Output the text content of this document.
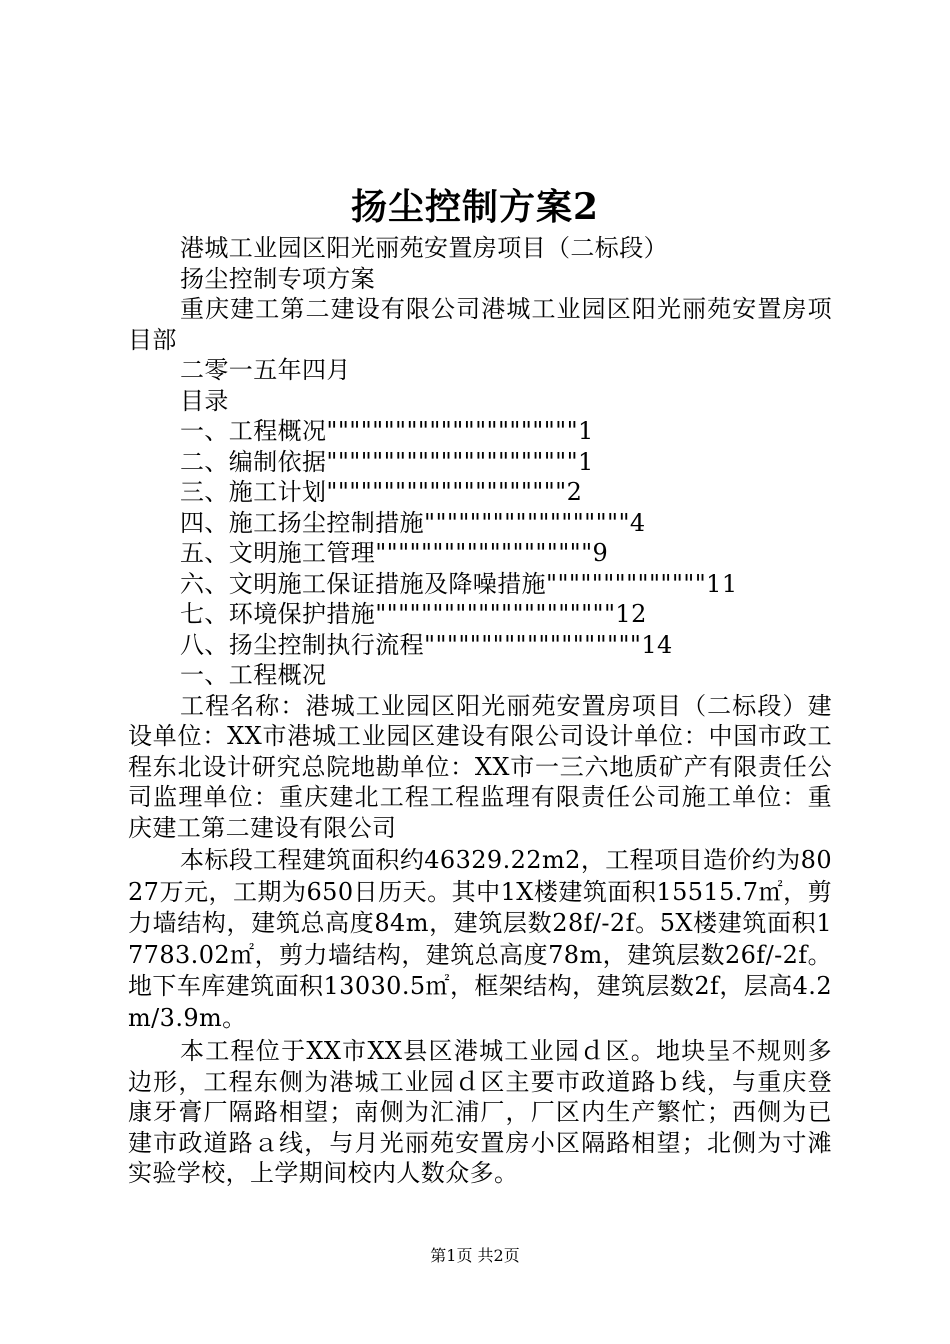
扬尘控制方案2

港城工业园区阳光丽苑安置房项目（二标段）

扬尘控制专项方案

重庆建工第二建设有限公司港城工业园区阳光丽苑安置房项目部

二零一五年四月

目录

一、工程概况""""""""""""""""""""""1

二、编制依据""""""""""""""""""""""1

三、施工计划"""""""""""""""""""""2

四、施工扬尘控制措施""""""""""""""""""4

五、文明施工管理"""""""""""""""""""9

六、文明施工保证措施及降噪措施""""""""""""""11

七、环境保护措施"""""""""""""""""""""12

八、扬尘控制执行流程"""""""""""""""""""14

一、工程概况

工程名称：港城工业园区阳光丽苑安置房项目（二标段）建设单位：XX市港城工业园区建设有限公司设计单位：中国市政工程东北设计研究总院地勘单位：XX市一三六地质矿产有限责任公司监理单位：重庆建北工程工程监理有限责任公司施工单位：重庆建工第二建设有限公司

本标段工程建筑面积约46329.22m2，工程项目造价约为8027万元，工期为650日历天。其中1X楼建筑面积15515.7㎡，剪力墙结构，建筑总高度84m，建筑层数28f/-2f。5X楼建筑面积17783.02㎡，剪力墙结构，建筑总高度78m，建筑层数26f/-2f。地下车库建筑面积13030.5㎡，框架结构，建筑层数2f，层高4.2m/3.9m。

本工程位于XX市XX县区港城工业园ｄ区。地块呈不规则多边形，工程东侧为港城工业园ｄ区主要市政道路ｂ线，与重庆登康牙膏厂隔路相望；南侧为汇浦厂，厂区内生产繁忙；西侧为已建市政道路ａ线，与月光丽苑安置房小区隔路相望；北侧为寸滩实验学校，上学期间校内人数众多。

第1页 共2页
